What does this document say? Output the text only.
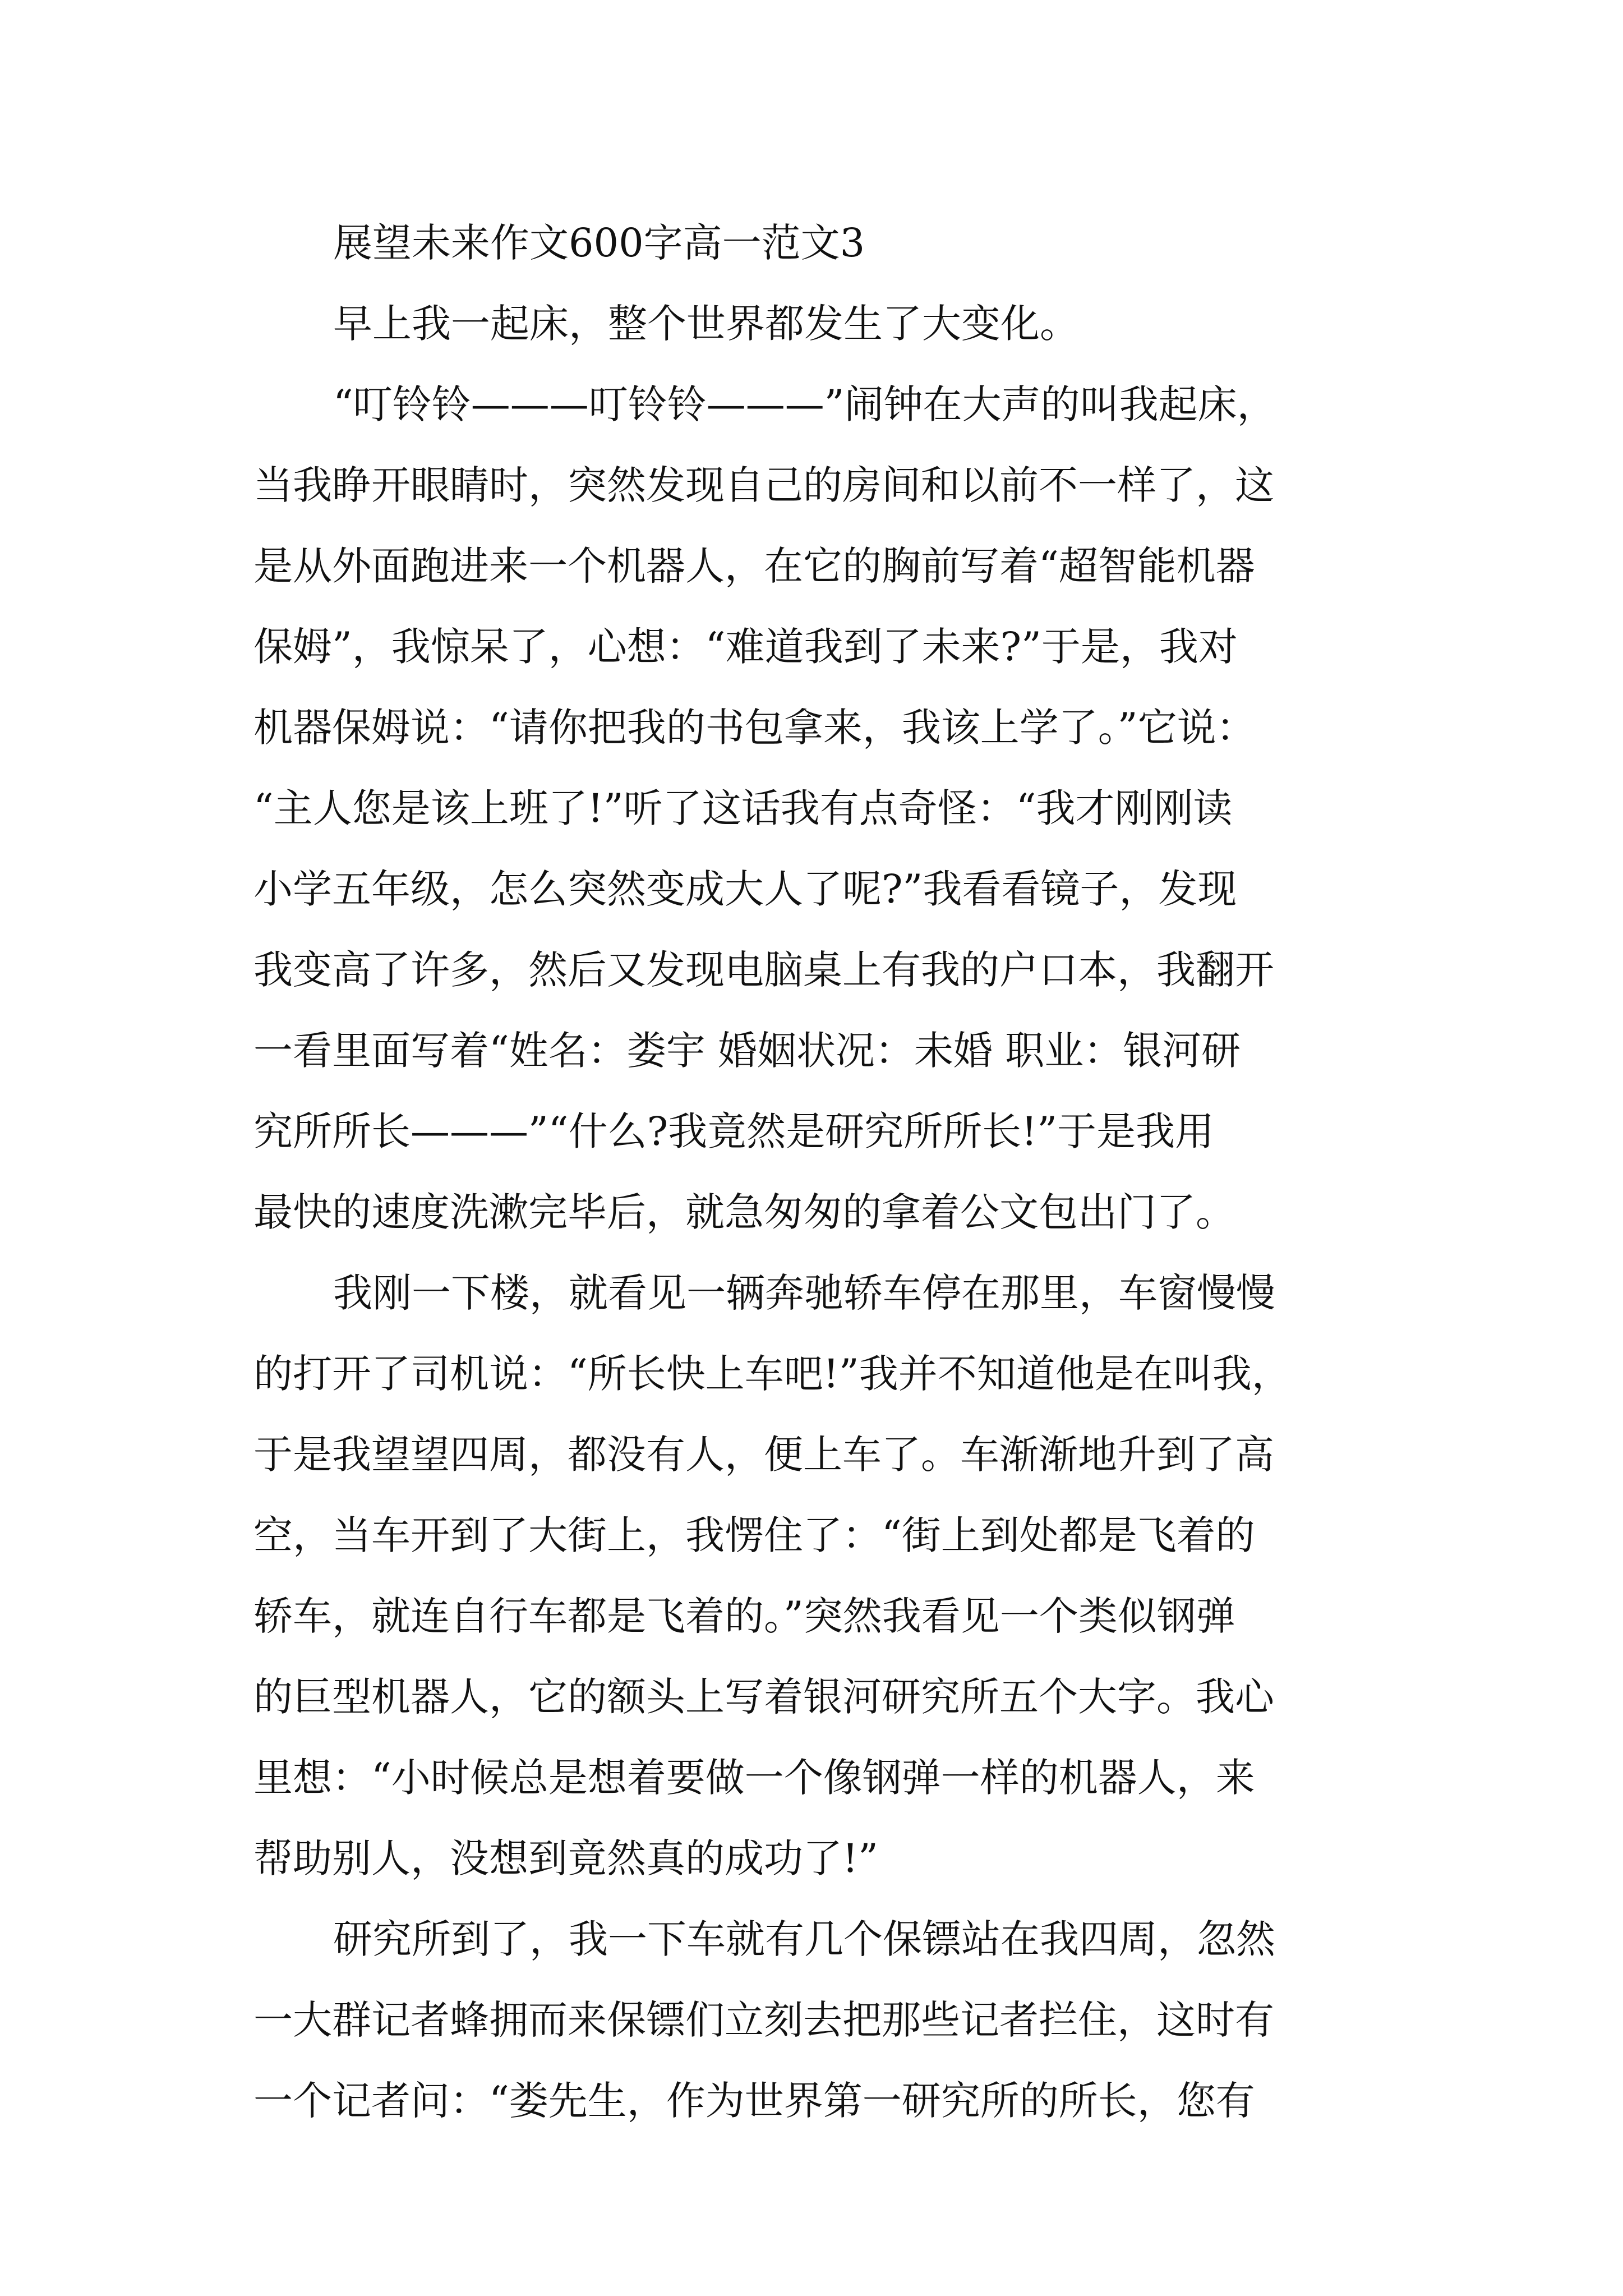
展望未来作文600字高一范文3

早上我一起床，整个世界都发生了大变化。

“叮铃铃———叮铃铃———”闹钟在大声的叫我起床，

当我睁开眼睛时，突然发现自己的房间和以前不一样了，这

是从外面跑进来一个机器人，在它的胸前写着“超智能机器

保姆”，我惊呆了，心想：“难道我到了未来?”于是，我对

机器保姆说：“请你把我的书包拿来，我该上学了。”它说：

“主人您是该上班了!”听了这话我有点奇怪：“我才刚刚读

小学五年级，怎么突然变成大人了呢?”我看看镜子，发现

我变高了许多，然后又发现电脑桌上有我的户口本，我翻开

一看里面写着“姓名：娄宇 婚姻状况：未婚 职业：银河研

究所所长———”“什么?我竟然是研究所所长!”于是我用

最快的速度洗漱完毕后，就急匆匆的拿着公文包出门了。

我刚一下楼，就看见一辆奔驰轿车停在那里，车窗慢慢

的打开了司机说：“所长快上车吧!”我并不知道他是在叫我，

于是我望望四周，都没有人，便上车了。车渐渐地升到了高

空，当车开到了大街上，我愣住了：“街上到处都是飞着的

轿车，就连自行车都是飞着的。”突然我看见一个类似钢弹

的巨型机器人，它的额头上写着银河研究所五个大字。我心

里想：“小时候总是想着要做一个像钢弹一样的机器人，来

帮助别人，没想到竟然真的成功了!”

研究所到了，我一下车就有几个保镖站在我四周，忽然

一大群记者蜂拥而来保镖们立刻去把那些记者拦住，这时有

一个记者问：“娄先生，作为世界第一研究所的所长，您有
